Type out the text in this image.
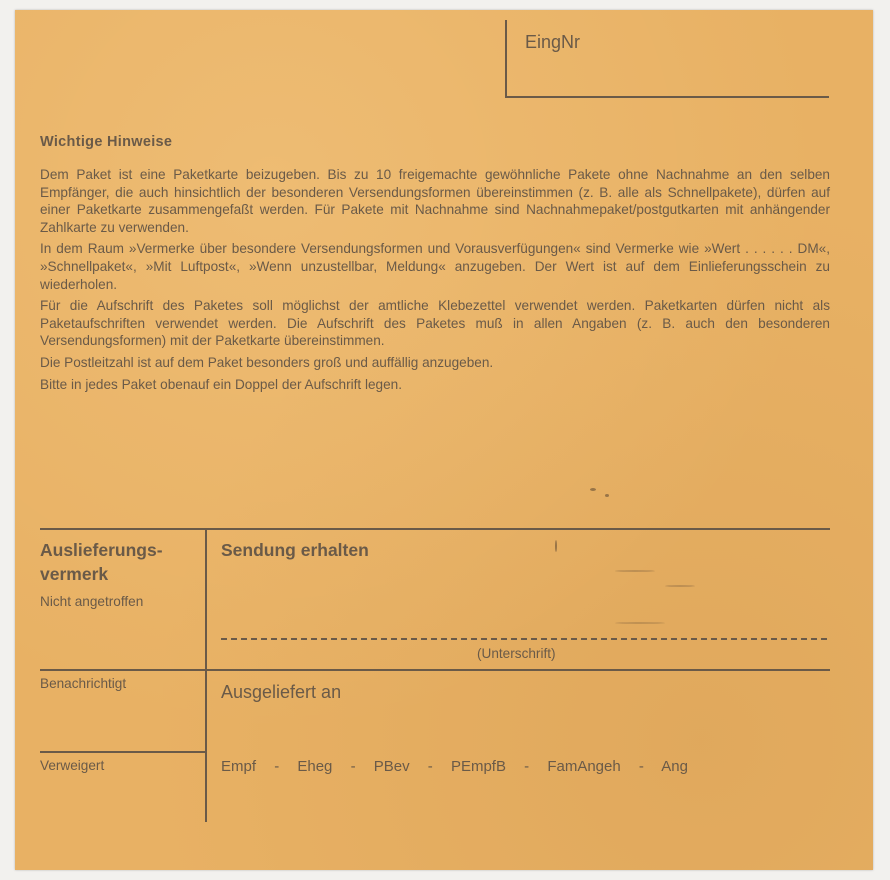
EingNr
Wichtige Hinweise

Dem Paket ist eine Paketkarte beizugeben. Bis zu 10 freigemachte gewöhnliche Pakete ohne Nachnahme an den selben Empfänger, die auch hinsichtlich der besonderen Versendungsformen übereinstimmen (z. B. alle als Schnellpakete), dürfen auf einer Paketkarte zusammengefaßt werden. Für Pakete mit Nachnahme sind Nachnahmepaket/postgutkarten mit anhängender Zahlkarte zu verwenden.

In dem Raum »Vermerke über besondere Versendungsformen und Vorausverfügungen« sind Vermerke wie »Wert . . . . . . DM«, »Schnellpaket«, »Mit Luftpost«, »Wenn unzustellbar, Meldung« anzugeben. Der Wert ist auf dem Einlieferungsschein zu wiederholen.

Für die Aufschrift des Paketes soll möglichst der amtliche Klebezettel verwendet werden. Paketkarten dürfen nicht als Paketaufschriften verwendet werden. Die Aufschrift des Paketes muß in allen Angaben (z. B. auch den besonderen Versendungsformen) mit der Paketkarte übereinstimmen.

Die Postleitzahl ist auf dem Paket besonders groß und auffällig anzugeben.

Bitte in jedes Paket obenauf ein Doppel der Aufschrift legen.

Auslieferungs-
vermerk
Nicht angetroffen
Benachrichtigt
Verweigert
Sendung erhalten
(Unterschrift)
Ausgeliefert an
Empf - Eheg - PBev - PEmpfB - FamAngeh - Ang
